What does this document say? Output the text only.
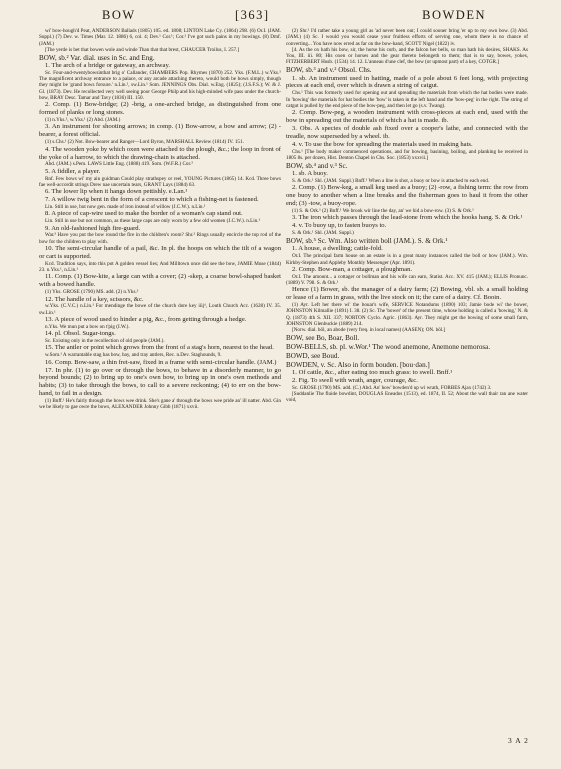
BOW	[363]	BOWDEN

wi' bow-hough'd Peat, ANDERSON Ballads (1805) 105. ed. 1808; LINTON Lake Cy. (1864) 298. (6) Or.I. (JAM. Suppl.) (7) Dev. w. Times (Mar. 12. 1886) 6, col. 4; Dev.¹ Cor.¹; Cor.² I've got such pains in my bowings. (8) Dmf. (JAM.)

[The yerde is bet that bowen wole and winde Than that that brest, CHAUCER Troilus, I. 257.]

BOW, sb.² Var. dial. uses in Sc. and Eng.

1. The arch of a bridge or gateway, an archway.

Sc. Four-and-twentybowsinthat brig o' Callander, CHAMBERS Pop. Rhymes (1870) 252. Yks. (F.M.L.) w.Yks.⁵ The magnificent archway entrance to a palace, or any arcade attaching thereto, would both be bows simply, though they might be 'grand bows forsure.' n.Lin.¹, sw.Lin.¹ Som. JENNINGS Obs. Dial. w.Eng. (1825); (J.S.F.S.); W. & J. Gl. (1873). Dev. He recollected very well seeing poor George Philp and his high-minded wife pass under the church-bow, BRAY Desc. Tamar and Tavy (1836) III. 150.

2. Comp. (1) Bow-bridge; (2) -brig, a one-arched bridge, as distinguished from one formed of planks or long stones.

(1) n.Yks.², w.Yks.¹ (2) Abd. (JAM.)

3. An instrument for shooting arrows; in comp. (1) Bow-arrow, a bow and arrow; (2) -bearer, a forest official.

(1) s.Chs.¹ (2) Not. Bow-bearer and Ranger—Lord Byron, MARSHALL Review (1814) IV. 151.

4. The wooden yoke by which oxen were attached to the plough, &c.; the loop in front of the yoke of a harrow, to which the drawing-chain is attached.

Abd. (JAM.) s.Pem. LAWS Little Eng. (1888) 419. Som. (W.F.R.) Cor.³

5. A fiddler, a player.

Rnf. Few bows wi' my ain guidman Could play strathspey or reel, YOUNG Pictures (1865) 14. Kcd. Three bows fae well-accordit strings Drew nae uncertain tears, GRANT Lays (1884) 63.

6. The lower lip when it hangs down pettishly. e.Lan.¹

7. A willow twig bent in the form of a crescent to which a fishing-net is fastened.

Lin. Still in use, but now gen. made of iron instead of willow (J.C.W.). n.Lin.¹

8. A piece of cap-wire used to make the border of a woman's cap stand out.

Lin. Still in use but not common, as these large caps are only worn by a few old women (J.C.W.). n.Lin.¹

9. An old-fashioned high fire-guard.

War.³ Have you put the bow round the fire in the children's room? Shr.² Rings usually encircle the top rod of the bow for the children to play with.

10. The semi-circular handle of a pail, &c. In pl. the hoops on which the tilt of a wagon or cart is supported.

Kcd. Tradition says, into this pot A golden vessel lies; And Milltown once did see the bow, JAMIE Muse (1844) 23. n.Yks.¹, n.Lin.¹

11. Comp. (1) Bow-kite, a large can with a cover; (2) -skep, a coarse bowl-shaped basket with a bowed handle.

(1) Yks. GROSE (1790) MS. add. (2) n.Yks.²

12. The handle of a key, scissors, &c.

w.Yks. (C.V.C.) n.Lin.¹ For mendinge the bowe of the church dore key iiijᵈ, Louth Church Acc. (1628) IV. 35. sw.Lin.¹

13. A piece of wood used to hinder a pig, &c., from getting through a hedge.

n.Yks. We mun put a bow on t'pig (I.W.).

14. pl. Obsol. Sugar-tongs.

Sc. Existing only in the recollection of old people (JAM.).

15. The antler or point which grows from the front of a stag's horn, nearest to the head.

w.Som.¹ A warrantable stag has bow, bay, and tray antlers, Rec. n.Dev. Staghounds, 9.

16. Comp. Bow-saw, a thin fret-saw, fixed in a frame with semi-circular handle. (JAM.)

17. In phr. (1) to go over or through the bows, to behave in a disorderly manner, to go beyond bounds; (2) to bring up to one's own bow, to bring up in one's own methods and habits; (3) to take through the bows, to call to a severe reckoning; (4) to err on the bow-hand, to fail in a design.

(1) Bnff.¹ He's fairly through the bows wee drink. She's gane a' through the bows wee pride an' ill natter. Abd. Gin we be likely to gae owre the bows, ALEXANDER Johnny Gibb (1871) xxvii.

(2) Shr.¹ I'd rather take a young girl as 'ad never been out; I could sooner bring 'er up to my own bow. (3) Abd. (JAM.) (4) Sc. I would you would cease your fruitless efforts of serving one, whom there is no chance of converting... You have now erred as far on the bow-hand, SCOTT Nigel (1822) iv.

[4. As the ox hath his bow, sir, the horse his curb, and the falcon her bells, so man hath his desires, SHAKS. As You, III. iii. 80; His oxen or horses and the gear thereto belongeth to them; that is to say, bowes, yokes, FITZHERBERT Husb. (1534) 14. 12. L'anneau d'une clef, the bow (or upmost part) of a key, COTGR.]

BOW, sb.³ and v.² Obsol. Chs.

1. sb. An instrument used in hatting, made of a pole about 6 feet long, with projecting pieces at each end, over which is drawn a string of catgut.

Chs.¹ This was formerly used for opening out and spreading the materials from which the hat bodies were made. In 'bowing' the materials for hat bodies the 'bow' is taken in the left hand and the 'bow-peg' in the right. The string of catgut is pulled by the end piece of the bow-peg, and then let go (s.v. Twang).

2. Comp. Bow-peg, a wooden instrument with cross-pieces at each end, used with the bow in spreading out the materials of which a hat is made. ib.

3. Obs. A species of double ash fixed over a cooper's lathe, and connected with the treadle, now superseded by a wheel. ib.

4. v. To use the bow for spreading the materials used in making hats.

Chs.¹ [The body maker commenced operations, and for bowing, basining, boiling, and planking he received in 1805 8s. per dozen, Hist. Denton Chapel in Chs. Soc. (1853) xxxvii.]

BOW, sb.⁴ and v.³ Sc.

1. sb. A buoy.

S. & Ork.¹ Shl. (JAM. Suppl.) Bnff.¹ When a line is shot, a buoy or bow is attached to each end.

2. Comp. (1) Bow-keg, a small keg used as a buoy; (2) -row, a fishing term: the row from one buoy to another when a line breaks and the fisherman goes to haul it from the other end; (3) -tow, a buoy-rope.

(1) S. & Ork.¹ (2) Bnff.¹ We brook wir line the day, an' we hid a bow-row. (3) S. & Ork.¹

3. The iron which passes through the lead-stone from which the hooks hang. S. & Ork.¹

4. v. To buoy up, to fasten buoys to.

S. & Ork.¹ Shl. (JAM. Suppl.)

BOW, sb.⁵ Sc. Wm. Also written boll (JAM.). S. & Ork.¹

1. A house, a dwelling; cattle-fold.

Or.I. The principal farm house on an estate is in a great many instances called the boll or bow (JAM.). Wm. Kirkby-Stephen and Appleby Monthly Messenger (Apr. 1891).

2. Comp. Bow-man, a cottager, a ploughman.

Or.I. The amount... a cottager or bollman and his wife can earn, Statist. Acc. XV. 415 (JAM.); ELLIS Pronunc. (1889) V. 798. S. & Ork.¹

Hence (1) Bower, sb. the manager of a dairy farm; (2) Bowing, vbl. sb. a small holding or lease of a farm in grass, with the live stock on it; the care of a dairy. Cf. Booin.

(1) Ayr. Left her there wi' the bouar's wife, SERVICE Notandums (1890) 103; Jamie bode wi' the bower, JOHNSTON Kilmallie (1891) I. 38. (2) Sc. The 'bower' of the present time, whose holding is called a 'bowing,' N. & Q. (1873) 4th S. XII. 337; NORTON Cyclo. Agric. (1863). Ayr. They might get the bowing of some small farm, JOHNSTON Glenbuckie (1889) 214.

[Norw. dial. bōl, an abode (very freq. in local names) (AASEN); ON. bōl.]

BOW, see Bo, Boar, Boll.

BOW-BELLS, sb. pl. w.Wor.¹ The wood anemone, Anemone nemorosa.

BOWD, see Boud.

BOWDEN, v. Sc. Also in form bouden. [bou·dən.]

1. Of cattle, &c., after eating too much grass: to swell. Bnff.¹

2. Fig. To swell with wrath, anger, courage, &c.

Sc. GROSE (1790) MS. add. (C.) Abd. An' how' bowden'd up wi wrath, FORBES Ajax (1742) 3.

[Suddanlie The fluide bowdint, DOUGLAS Eneados (1513), ed. 1874, II. 52; About the wall thair ran ane water void,

3 A 2
